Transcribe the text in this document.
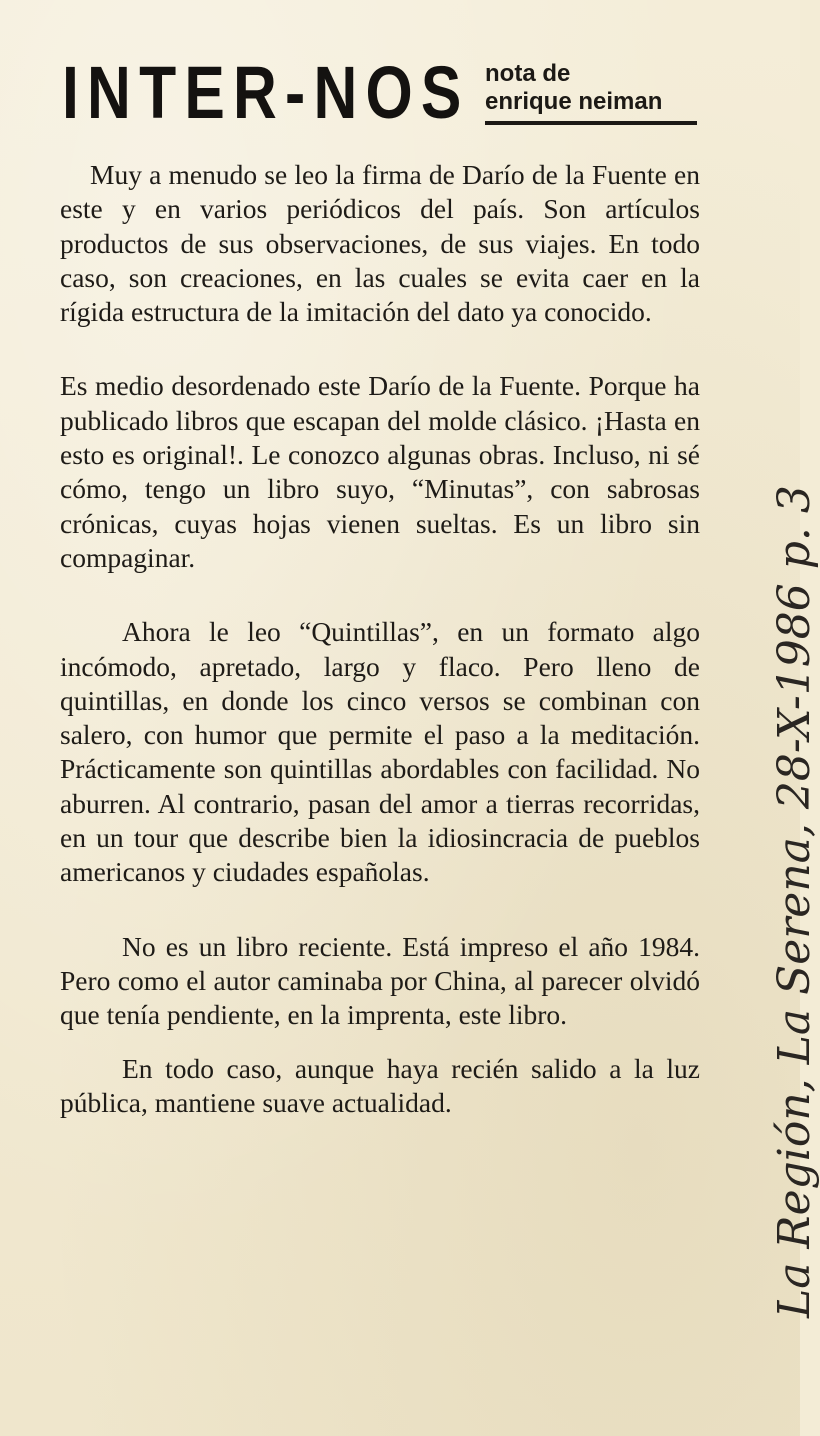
INTER-NOS nota de
enrique neiman

Muy a menudo se leo la firma de Darío de la Fuente en este y en varios periódicos del país. Son artículos productos de sus observaciones, de sus viajes. En todo caso, son creaciones, en las cuales se evita caer en la rígida estructura de la imitación del dato ya conocido.

Es medio desordenado este Darío de la Fuente. Porque ha publicado libros que escapan del molde clásico. ¡Hasta en esto es original!. Le conozco algunas obras. Incluso, ni sé cómo, tengo un libro suyo, “Minutas”, con sabrosas crónicas, cuyas hojas vienen sueltas. Es un libro sin compaginar.

Ahora le leo “Quintillas”, en un formato algo incómodo, apretado, largo y flaco. Pero lleno de quintillas, en donde los cinco versos se combinan con salero, con humor que permite el paso a la meditación. Prácticamente son quintillas abordables con facilidad. No aburren. Al contrario, pasan del amor a tierras recorridas, en un tour que describe bien la idiosincracia de pueblos americanos y ciudades españolas.

No es un libro reciente. Está impreso el año 1984. Pero como el autor caminaba por China, al parecer olvidó que tenía pendiente, en la imprenta, este libro.

En todo caso, aunque haya recién salido a la luz pública, mantiene suave actualidad.	La Región, La Serena, 28-X-1986 p. 3
